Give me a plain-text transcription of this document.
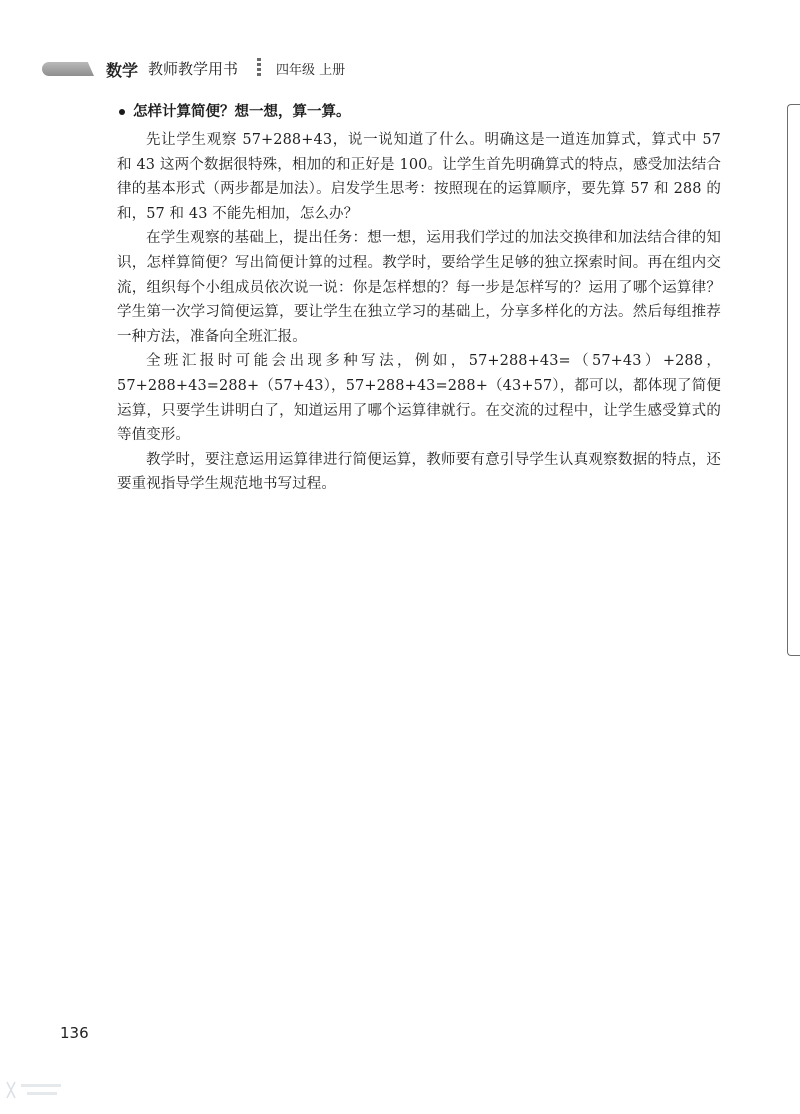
数学 教师教学用书	四年级 上册
怎样计算简便？想一想，算一算。

先让学生观察 57+288+43，说一说知道了什么。明确这是一道连加算式，算式中 57 和 43 这两个数据很特殊，相加的和正好是 100。让学生首先明确算式的特点，感受加法结合律的基本形式（两步都是加法）。启发学生思考：按照现在的运算顺序，要先算 57 和 288 的和，57 和 43 不能先相加，怎么办？

在学生观察的基础上，提出任务：想一想，运用我们学过的加法交换律和加法结合律的知识，怎样算简便？写出简便计算的过程。教学时，要给学生足够的独立探索时间。再在组内交流，组织每个小组成员依次说一说：你是怎样想的？每一步是怎样写的？运用了哪个运算律？学生第一次学习简便运算，要让学生在独立学习的基础上，分享多样化的方法。然后每组推荐一种方法，准备向全班汇报。

全班汇报时可能会出现多种写法，例如，57+288+43=（57+43）+288，57+288+43=288+（57+43），57+288+43=288+（43+57），都可以，都体现了简便运算，只要学生讲明白了，知道运用了哪个运算律就行。在交流的过程中，让学生感受算式的等值变形。

教学时，要注意运用运算律进行简便运算，教师要有意引导学生认真观察数据的特点，还要重视指导学生规范地书写过程。

136
